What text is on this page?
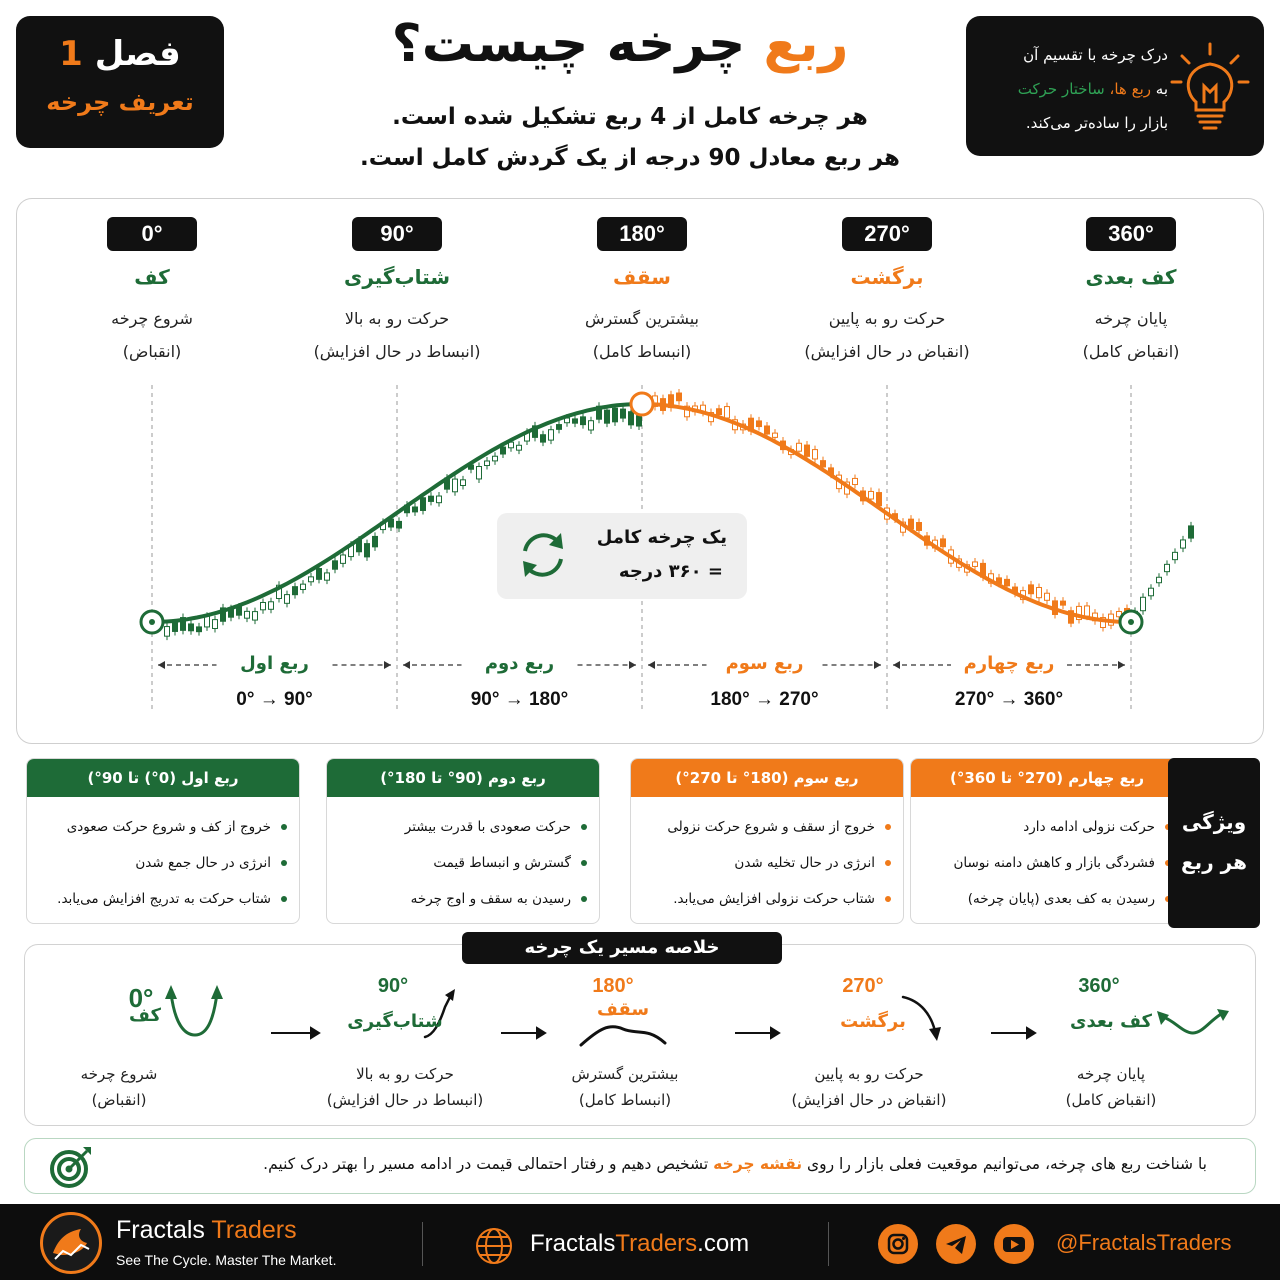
فصل 1
تعریف چرخه
ربع چرخه چیست؟
هر چرخه کامل از 4 ربع تشکیل شده است.
هر ربع معادل 90 درجه از یک گردش کامل است.
درک چرخه با تقسیم آن
به ربع ها، ساختار حرکت
بازار را ساده‌تر می‌کند.
0°
کف
شروع چرخه
(انقباض)
90°
شتاب‌گیری
حرکت رو به بالا
(انبساط در حال افزایش)
180°
سقف
بیشترین گسترش
(انبساط کامل)
270°
برگشت
حرکت رو به پایین
(انقباض در حال افزایش)
360°
کف بعدی
پایان چرخه
(انقباض کامل)
یک چرخه کامل
= ۳۶۰ درجه
ربع اول
0° → 90°
ربع دوم
90° → 180°
ربع سوم
180° → 270°
ربع چهارم
270° → 360°
ربع اول (0°) تا 90°)
خروج از کف و شروع حرکت صعودی
انرژی در حال جمع شدن
شتاب حرکت به تدریج افزایش می‌یابد.
ربع دوم (90° تا 180°)
حرکت صعودی با قدرت بیشتر
گسترش و انبساط قیمت
رسیدن به سقف و اوج چرخه
ربع سوم (180° تا 270°)
خروج از سقف و شروع حرکت نزولی
انرژی در حال تخلیه شدن
شتاب حرکت نزولی افزایش می‌یابد.
ربع چهارم (270° تا 360°)
حرکت نزولی ادامه دارد
فشردگی بازار و کاهش دامنه نوسان
رسیدن به کف بعدی (پایان چرخه)
ویژگی
هر ربع
0°
کف
شروع چرخه
(انقباض)
90°
شتاب‌گیری
حرکت رو به بالا
(انبساط در حال افزایش)
180°
سقف
بیشترین گسترش
(انبساط کامل)
270°
برگشت
حرکت رو به پایین
(انقباض در حال افزایش)
360°
کف بعدی
پایان چرخه
(انقباض کامل)
خلاصه مسیر یک چرخه
با شناخت ربع ‌های چرخه، می‌توانیم موقعیت فعلی بازار را روی نقشه چرخه تشخیص دهیم و رفتار احتمالی قیمت در ادامه مسیر را بهتر درک کنیم.
Fractals Traders
See The Cycle. Master The Market.
FractalsTraders.com	@FractalsTraders
